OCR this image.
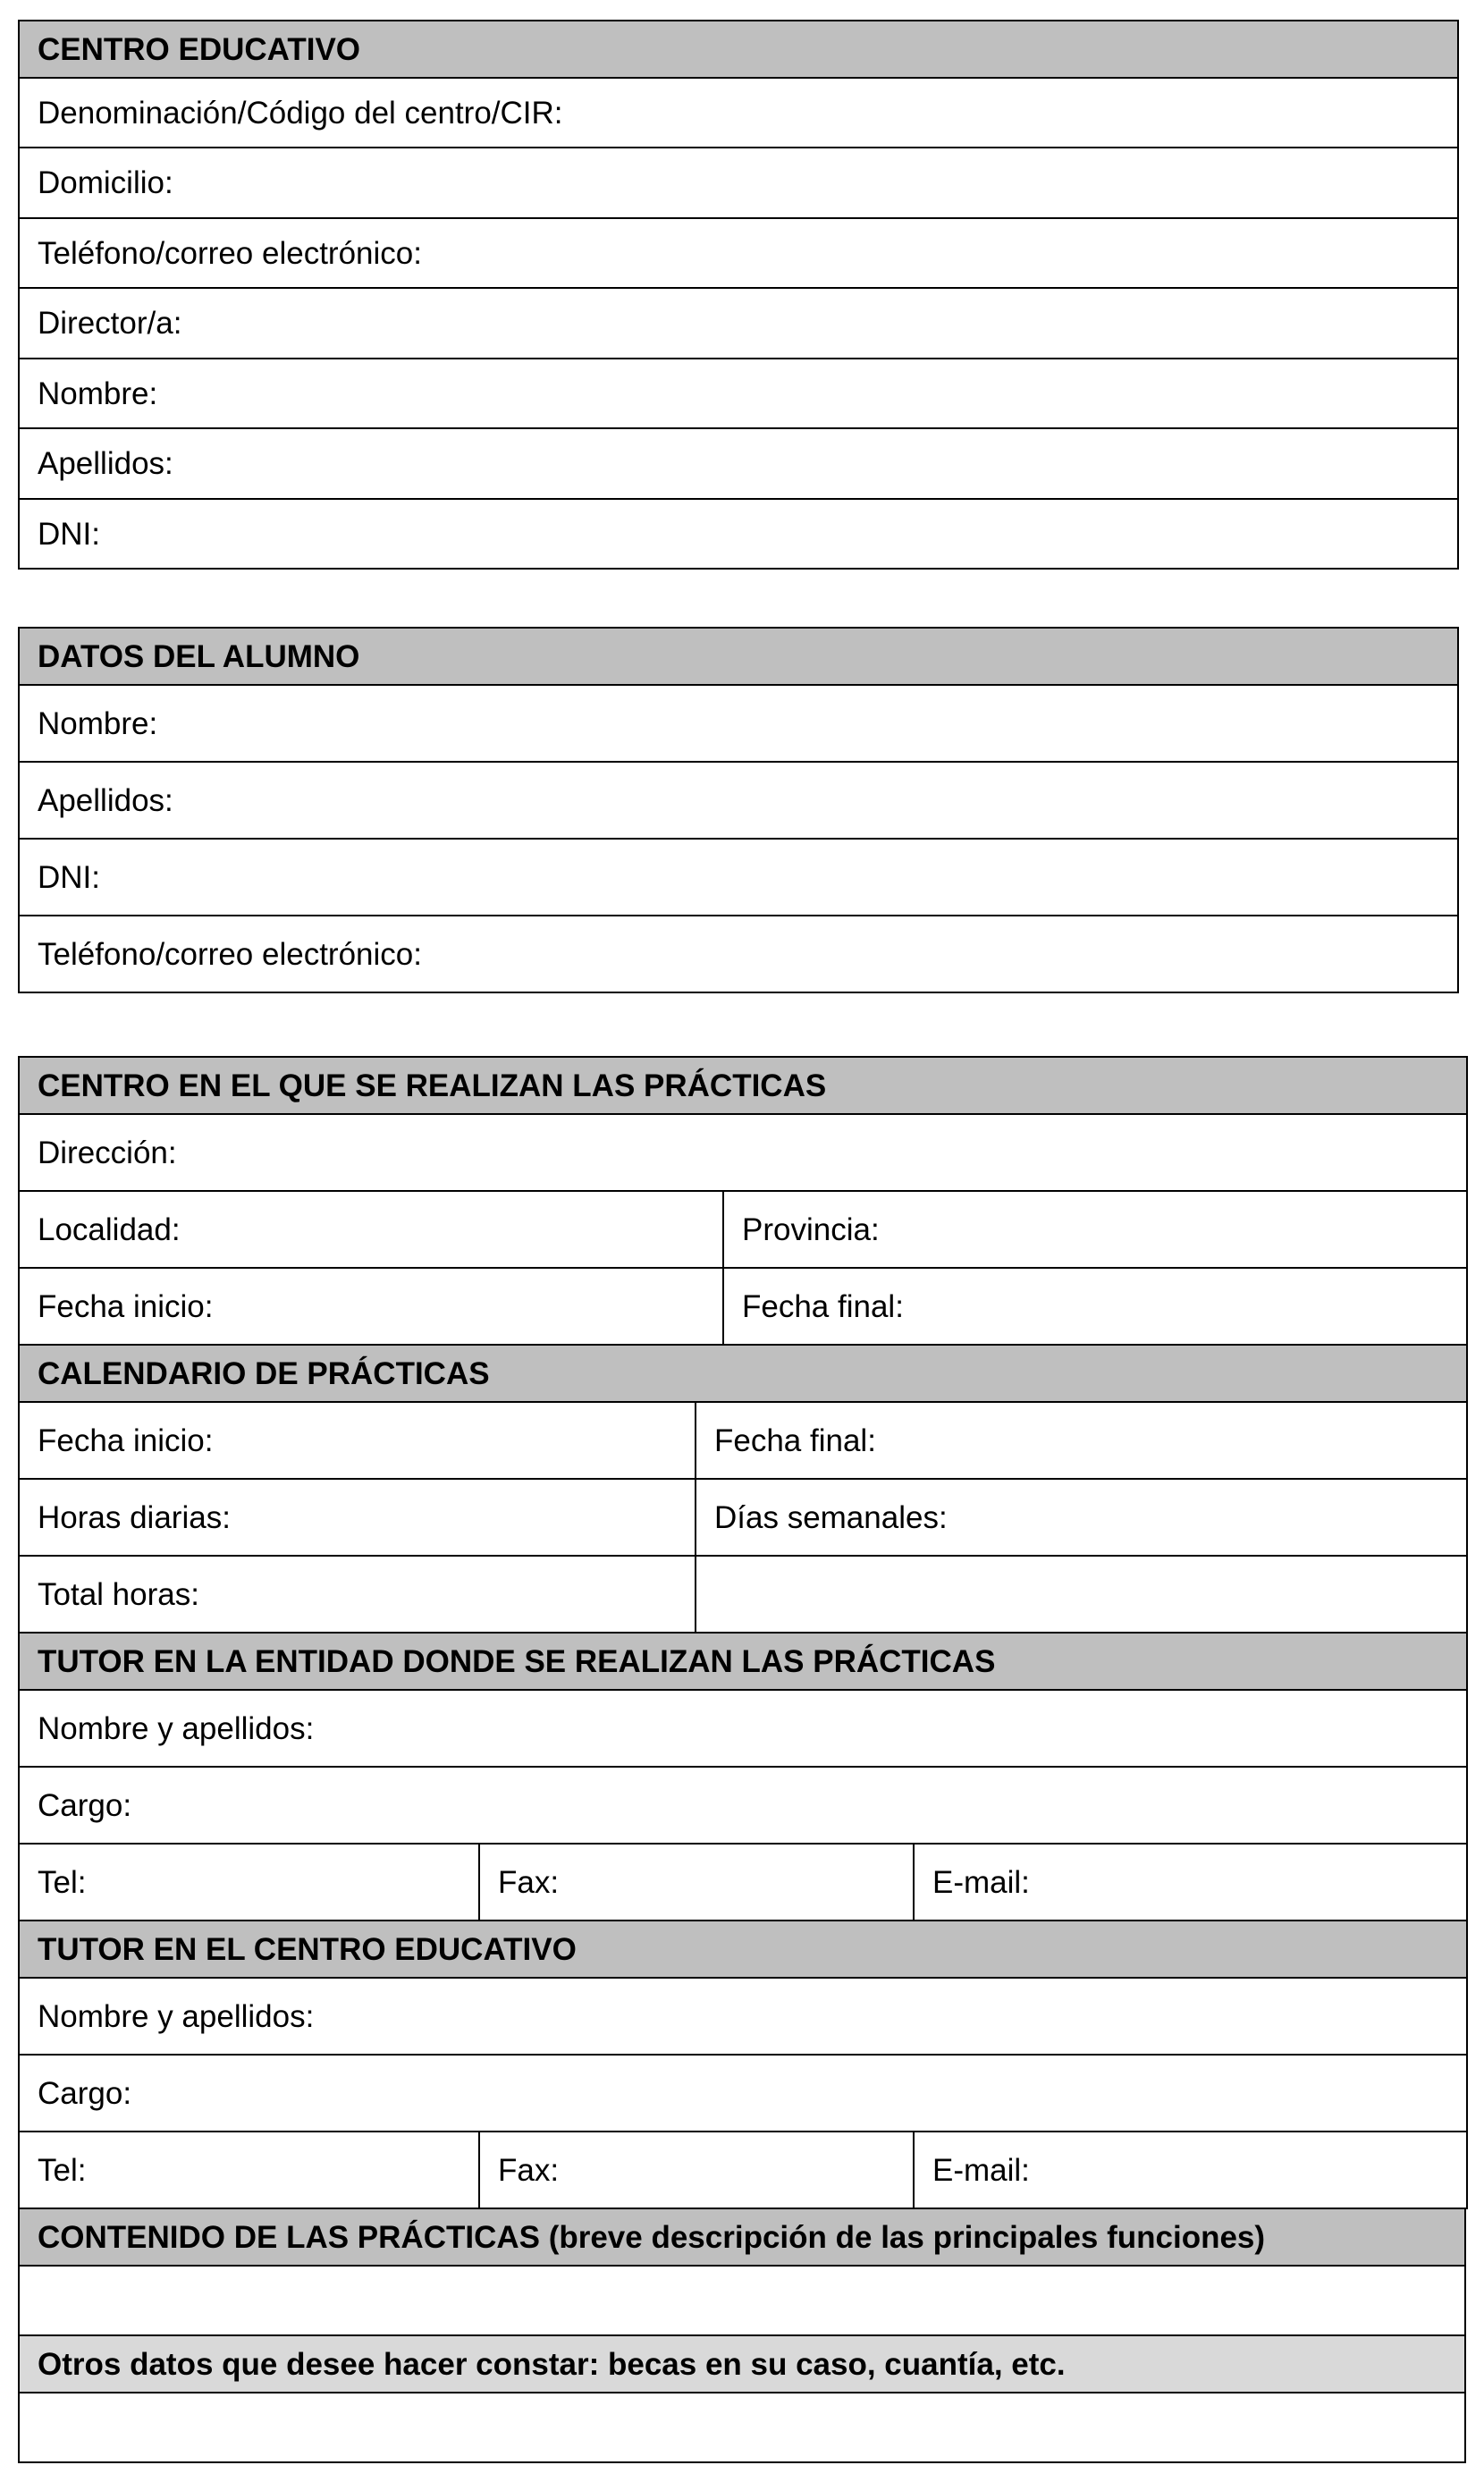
CENTRO EDUCATIVO
Denominación/Código del centro/CIR:
Domicilio:
Teléfono/correo electrónico:
Director/a:
Nombre:
Apellidos:
DNI:
DATOS DEL ALUMNO
Nombre:
Apellidos:
DNI:
Teléfono/correo electrónico:
CENTRO EN EL QUE SE REALIZAN LAS PRÁCTICAS	
Dirección:	
Localidad:	Provincia:
Fecha inicio:	Fecha final:
CALENDARIO DE PRÁCTICAS	
Fecha inicio:	Fecha final:
Horas diarias:	Días semanales:
Total horas:	
TUTOR EN LA ENTIDAD DONDE SE REALIZAN LAS PRÁCTICAS
Nombre y apellidos:
Cargo:
Tel:	Fax:	E-mail:
TUTOR EN EL CENTRO EDUCATIVO
Nombre y apellidos:
Cargo:
Tel:	Fax:	E-mail:
CONTENIDO DE LAS PRÁCTICAS (breve descripción de las principales funciones)

Otros datos que desee hacer constar: becas en su caso, cuantía, etc.
